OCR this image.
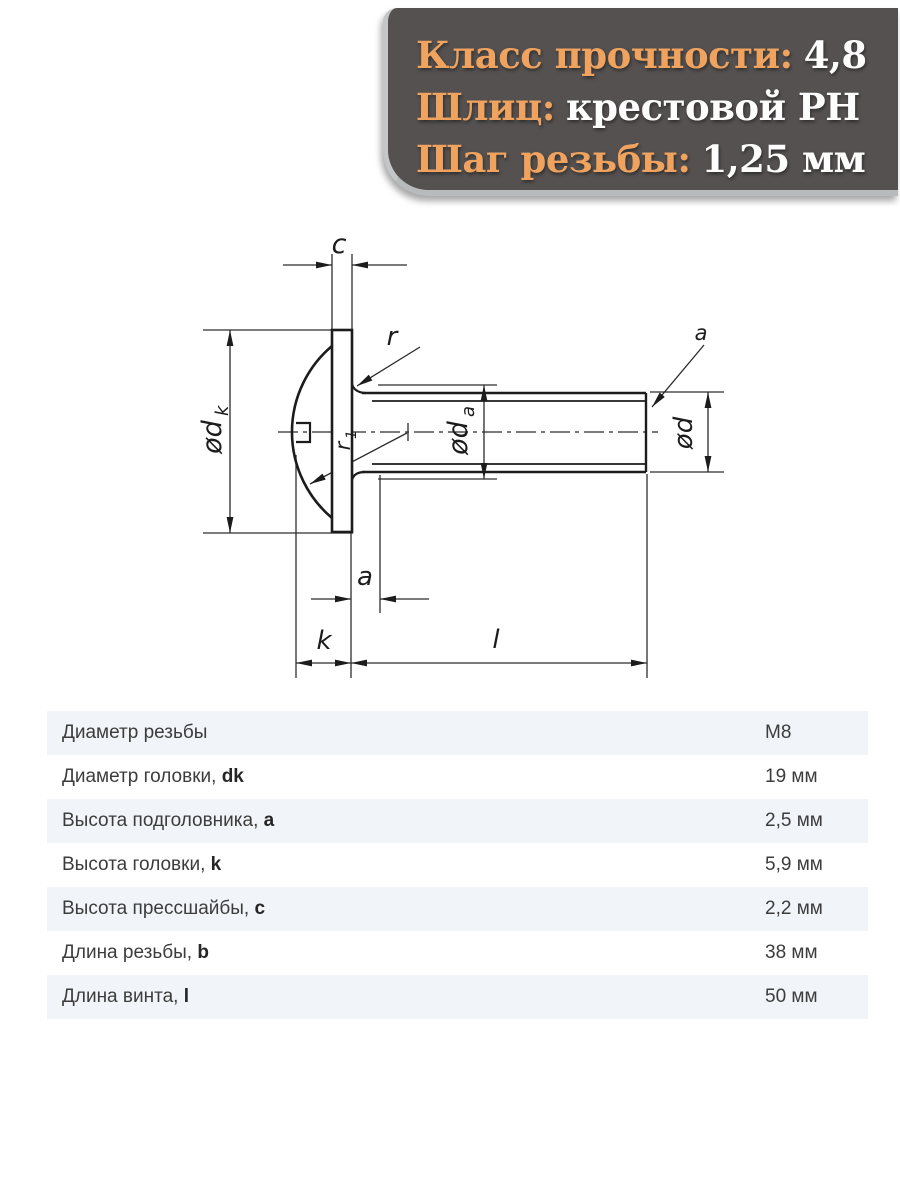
Класс прочности: 4,8
Шлиц: крестовой PH
Шаг резьбы: 1,25 мм
c
r	a
a
k	l
ød
k
ød
a
ød
r
1
Диаметр резьбы	M8
Диаметр головки, dk	19 мм
Высота подголовника, a	2,5 мм
Высота головки, k	5,9 мм
Высота прессшайбы, c	2,2 мм
Длина резьбы, b	38 мм
Длина винта, l	50 мм
